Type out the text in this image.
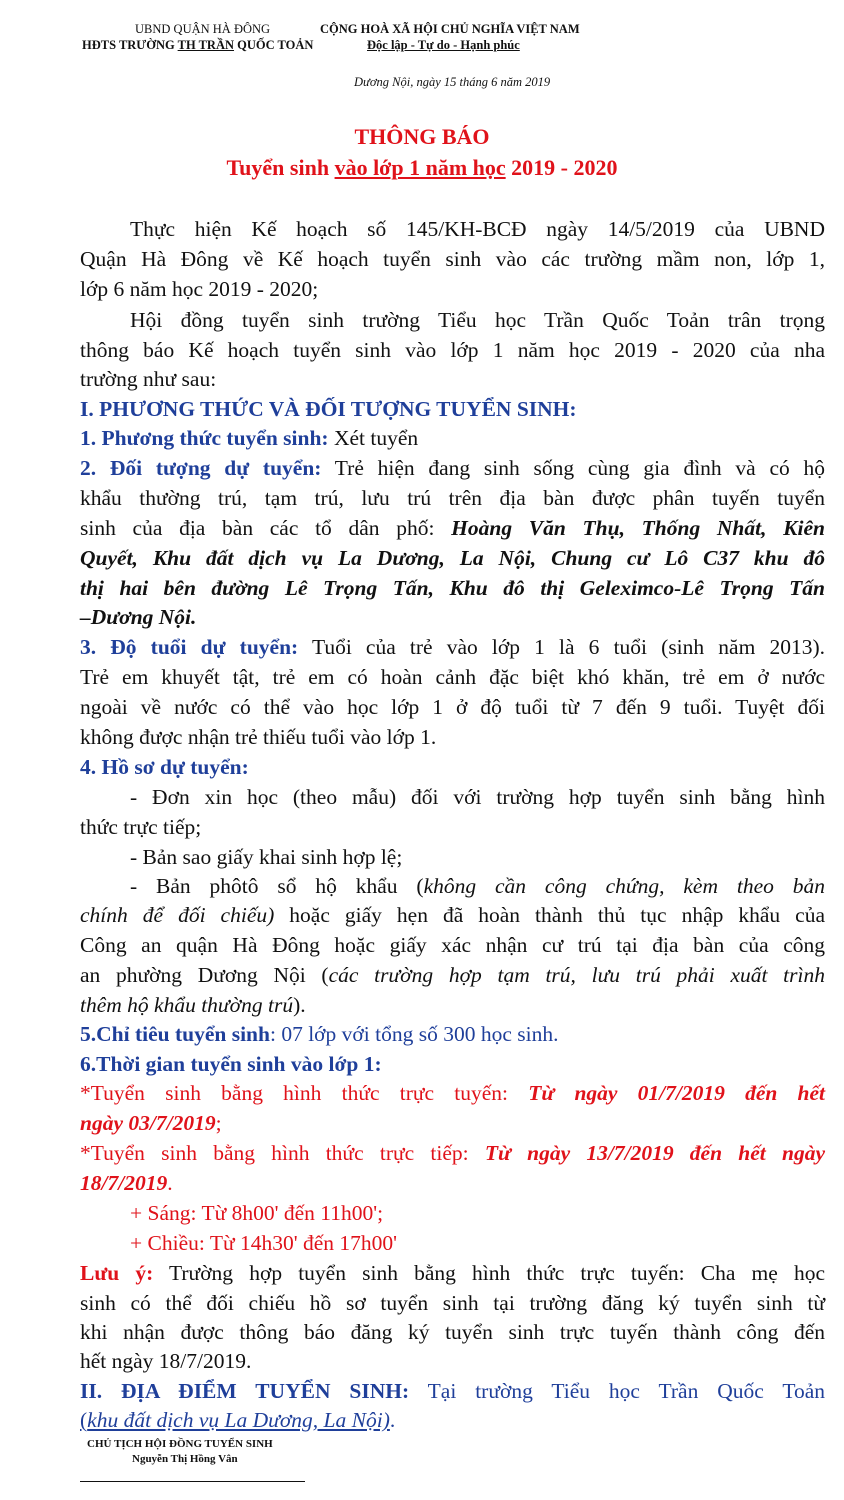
UBND QUẬN HÀ ĐÔNG
HĐTS TRƯỜNG TH TRẦN QUỐC TOẢN
CỘNG HOÀ XÃ HỘI CHỦ NGHĨA VIỆT NAM
Độc lập - Tự do - Hạnh phúc
Dương Nội, ngày 15 tháng 6 năm 2019
THÔNG BÁO
Tuyển sinh vào lớp 1 năm học 2019 - 2020
Thực hiện Kế hoạch số 145/KH-BCĐ ngày 14/5/2019 của UBND
Quận Hà Đông về Kế hoạch tuyển sinh vào các trường mầm non, lớp 1,
lớp 6 năm học 2019 - 2020;
Hội đồng tuyển sinh trường Tiểu học Trần Quốc Toản trân trọng
thông báo Kế hoạch tuyển sinh vào lớp 1 năm học 2019 - 2020 của nha
trường như sau:
I. PHƯƠNG THỨC VÀ ĐỐI TƯỢNG TUYỂN SINH:
1. Phương thức tuyển sinh: Xét tuyển
2. Đối tượng dự tuyển: Trẻ hiện đang sinh sống cùng gia đình và có hộ
khẩu thường trú, tạm trú, lưu trú trên địa bàn được phân tuyến tuyển
sinh của địa bàn các tổ dân phố: Hoàng Văn Thụ, Thống Nhất, Kiên
Quyết, Khu đất dịch vụ La Dương, La Nội, Chung cư Lô C37 khu đô
thị hai bên đường Lê Trọng Tấn, Khu đô thị Geleximco-Lê Trọng Tấn
–Dương Nội.
3. Độ tuổi dự tuyển: Tuổi của trẻ vào lớp 1 là 6 tuổi (sinh năm 2013).
Trẻ em khuyết tật, trẻ em có hoàn cảnh đặc biệt khó khăn, trẻ em ở nước
ngoài về nước có thể vào học lớp 1 ở độ tuổi từ 7 đến 9 tuổi. Tuyệt đối
không được nhận trẻ thiếu tuổi vào lớp 1.
4. Hồ sơ dự tuyển:
- Đơn xin học (theo mẫu) đối với trường hợp tuyển sinh bằng hình
thức trực tiếp;
- Bản sao giấy khai sinh hợp lệ;
- Bản phôtô sổ hộ khẩu (không cần công chứng, kèm theo bản
chính để đối chiếu) hoặc giấy hẹn đã hoàn thành thủ tục nhập khẩu của
Công an quận Hà Đông hoặc giấy xác nhận cư trú tại địa bàn của công
an phường Dương Nội (các trường hợp tạm trú, lưu trú phải xuất trình
thêm hộ khẩu thường trú).
5.Chỉ tiêu tuyển sinh: 07 lớp với tổng số 300 học sinh.
6.Thời gian tuyển sinh vào lớp 1:
*Tuyển sinh bằng hình thức trực tuyến: Từ ngày 01/7/2019 đến hết
ngày 03/7/2019;
*Tuyển sinh bằng hình thức trực tiếp: Từ ngày 13/7/2019 đến hết ngày
18/7/2019.
+ Sáng: Từ 8h00' đến 11h00';
+ Chiều: Từ 14h30' đến 17h00'
Lưu ý: Trường hợp tuyển sinh bằng hình thức trực tuyến: Cha mẹ học
sinh có thể đối chiếu hồ sơ tuyển sinh tại trường đăng ký tuyển sinh từ
khi nhận được thông báo đăng ký tuyển sinh trực tuyến thành công đến
hết ngày 18/7/2019.
II. ĐỊA ĐIỂM TUYỂN SINH: Tại trường Tiểu học Trần Quốc Toản
(khu đất dịch vụ La Dương, La Nội).
CHỦ TỊCH HỘI ĐỒNG TUYỂN SINH
Nguyễn Thị Hồng Vân
